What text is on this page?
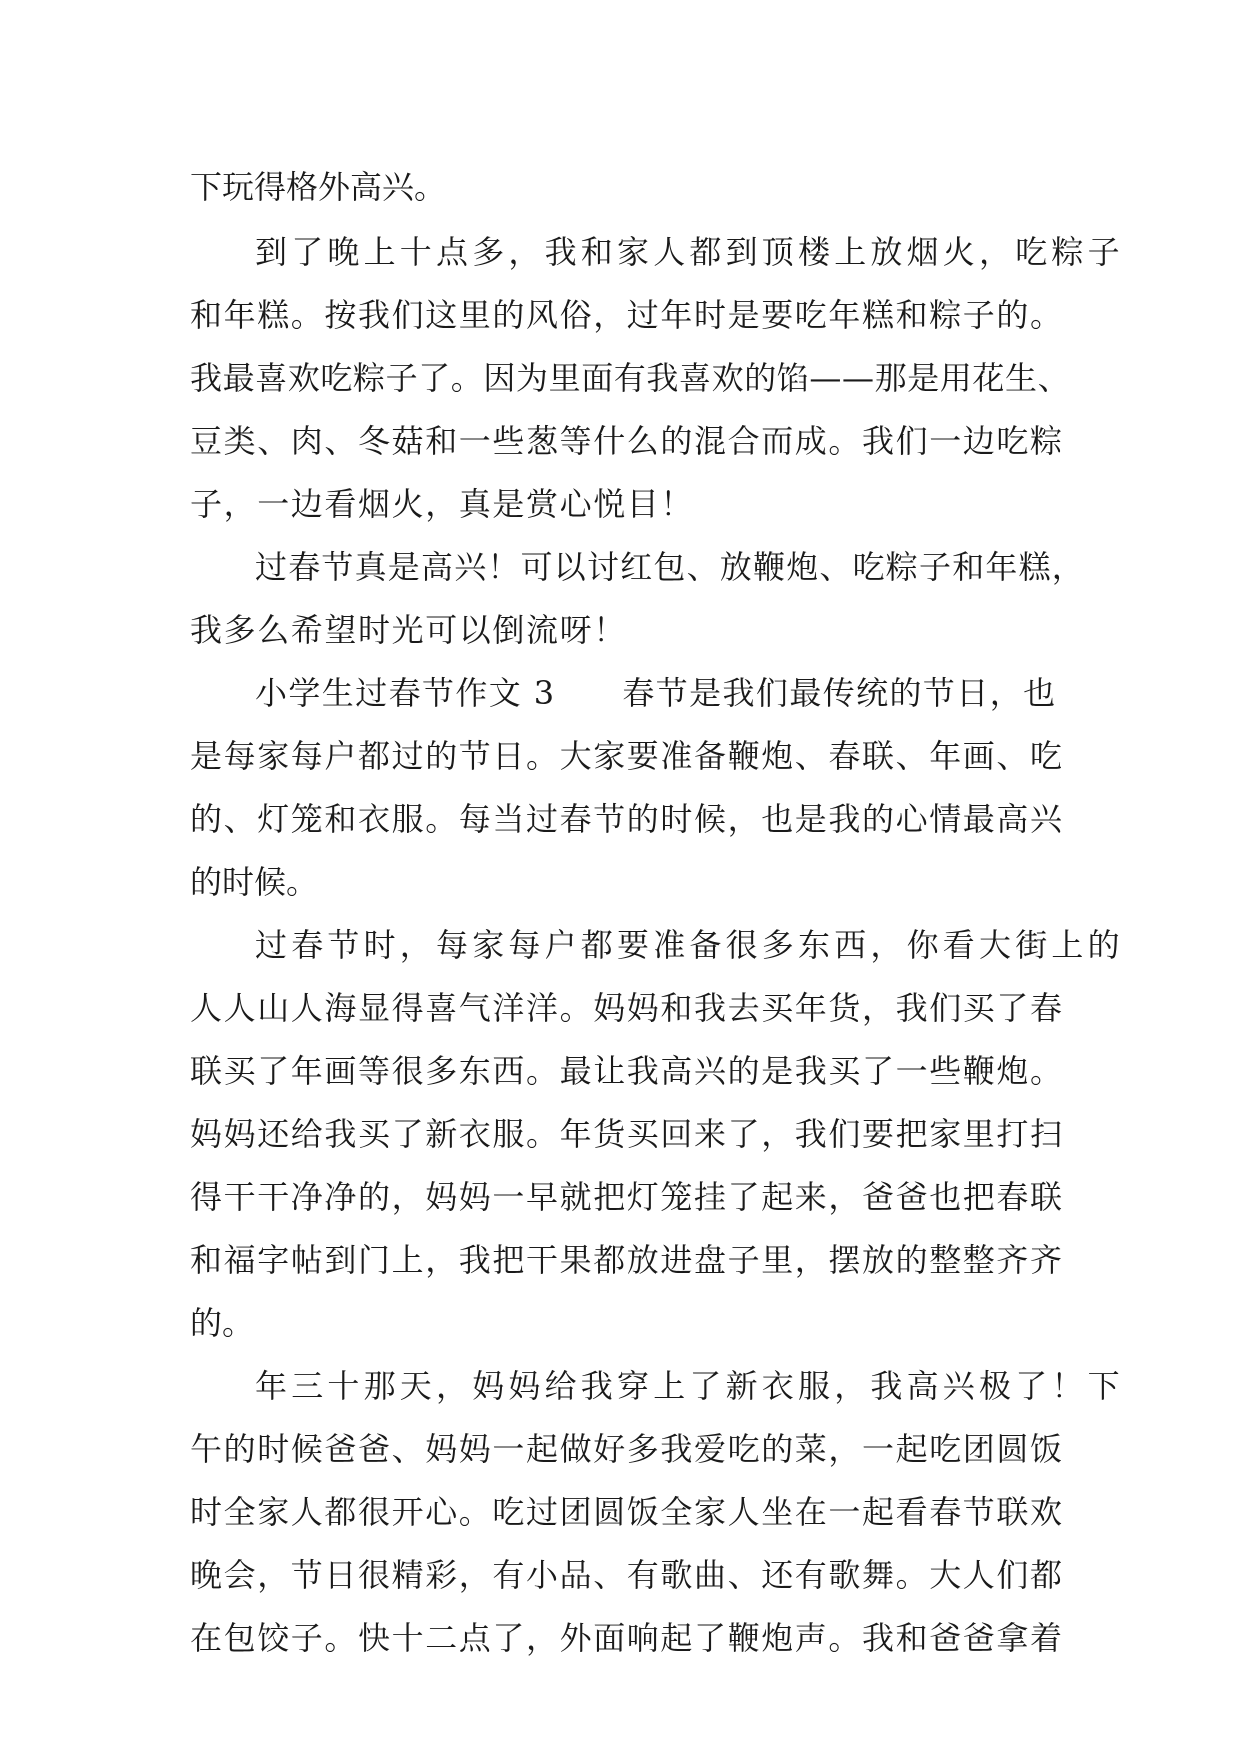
下玩得格外高兴。
到了晚上十点多，我和家人都到顶楼上放烟火，吃粽子
和年糕。按我们这里的风俗，过年时是要吃年糕和粽子的。
我最喜欢吃粽子了。因为里面有我喜欢的馅——那是用花生、
豆类、肉、冬菇和一些葱等什么的混合而成。我们一边吃粽
子，一边看烟火，真是赏心悦目！
过春节真是高兴！可以讨红包、放鞭炮、吃粽子和年糕，
我多么希望时光可以倒流呀！
小学生过春节作文 3　　春节是我们最传统的节日，也
是每家每户都过的节日。大家要准备鞭炮、春联、年画、吃
的、灯笼和衣服。每当过春节的时候，也是我的心情最高兴
的时候。
过春节时，每家每户都要准备很多东西，你看大街上的
人人山人海显得喜气洋洋。妈妈和我去买年货，我们买了春
联买了年画等很多东西。最让我高兴的是我买了一些鞭炮。
妈妈还给我买了新衣服。年货买回来了，我们要把家里打扫
得干干净净的，妈妈一早就把灯笼挂了起来，爸爸也把春联
和福字帖到门上，我把干果都放进盘子里，摆放的整整齐齐
的。
年三十那天，妈妈给我穿上了新衣服，我高兴极了！下
午的时候爸爸、妈妈一起做好多我爱吃的菜，一起吃团圆饭
时全家人都很开心。吃过团圆饭全家人坐在一起看春节联欢
晚会，节日很精彩，有小品、有歌曲、还有歌舞。大人们都
在包饺子。快十二点了，外面响起了鞭炮声。我和爸爸拿着
